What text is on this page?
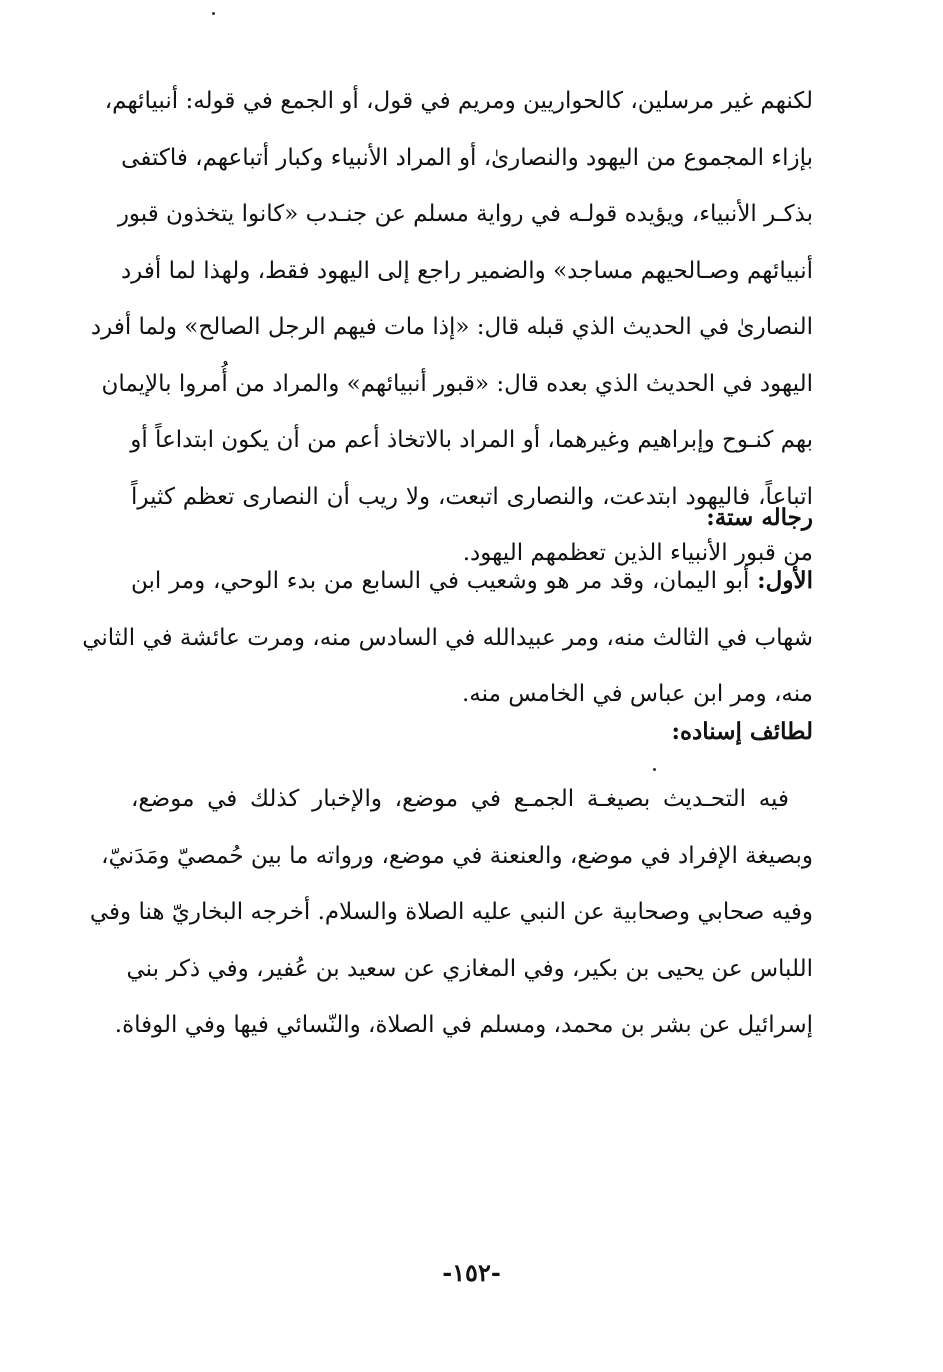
لكنهم غير مرسلين، كالحواريين ومريم في قول، أو الجمع في قوله: أنبيائهم،
بإزاء المجموع من اليهود والنصارىٰ، أو المراد الأنبياء وكبار أتباعهم، فاكتفى
بذكـر الأنبياء، ويؤيده قولـه في رواية مسلم عن جنـدب «كانوا يتخذون قبور
أنبيائهم وصـالحيهم مساجد» والضمير راجع إلى اليهود فقط، ولهذا لما أفرد
النصارىٰ في الحديث الذي قبله قال: «إذا مات فيهم الرجل الصالح» ولما أفرد
اليهود في الحديث الذي بعده قال: «قبور أنبيائهم» والمراد من أُمروا بالإيمان
بهم كنـوح وإبراهيم وغيرهما، أو المراد بالاتخاذ أعم من أن يكون ابتداعاً أو
اتباعاً، فاليهود ابتدعت، والنصارى اتبعت، ولا ريب أن النصارى تعظم كثيراً
من قبور الأنبياء الذين تعظمهم اليهود.
رجاله ستة:
الأول: أبو اليمان، وقد مر هو وشعيب في السابع من بدء الوحي، ومر ابن
شهاب في الثالث منه، ومر عبيدالله في السادس منه، ومرت عائشة في الثاني
منه، ومر ابن عباس في الخامس منه.
لطائف إسناده:
فيه التحـديث بصيغـة الجمـع في موضع، والإخبار كذلك في موضع،
وبصيغة الإفراد في موضع، والعنعنة في موضع، ورواته ما بين حُمصيّ ومَدَنيّ،
وفيه صحابي وصحابية عن النبي عليه الصلاة والسلام. أخرجه البخاريّ هنا وفي
اللباس عن يحيى بن بكير، وفي المغازي عن سعيد بن عُفير، وفي ذكر بني
إسرائيل عن بشر بن محمد، ومسلم في الصلاة، والنّسائي فيها وفي الوفاة.
-١٥٢-
